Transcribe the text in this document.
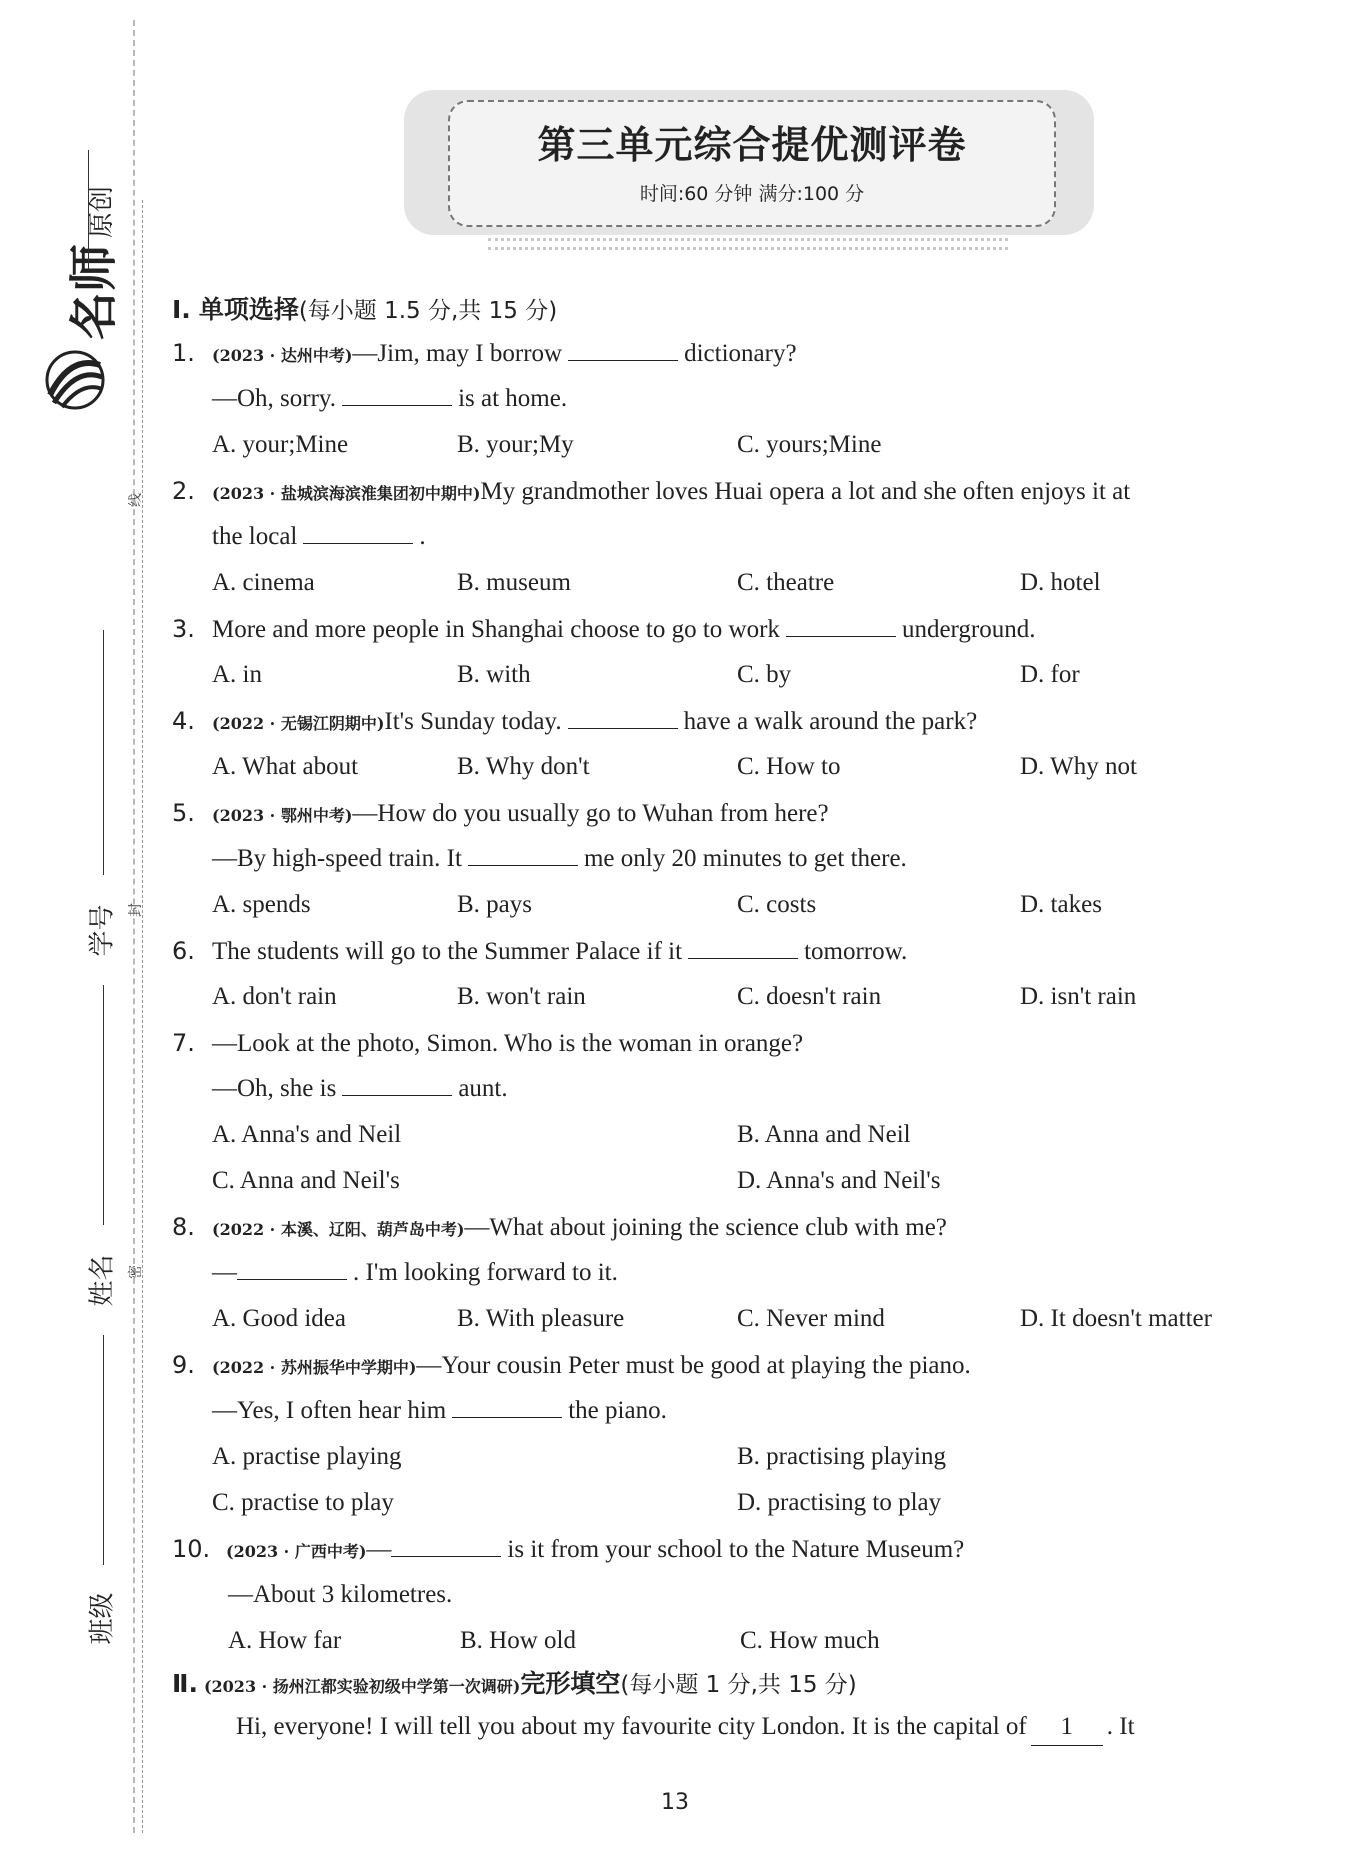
名师原创
线
封
密
学号
姓名
班级
第三单元综合提优测评卷
时间:60 分钟 满分:100 分
Ⅰ. 单项选择(每小题 1.5 分,共 15 分)
1. (2023 · 达州中考)—Jim, may I borrow	dictionary?
—Oh, sorry.	is at home.
A. your;Mine	B. your;My	C. yours;Mine
2. (2023 · 盐城滨海滨淮集团初中期中)My grandmother loves Huai opera a lot and she often enjoys it at
the local	.
A. cinema	B. museum	C. theatre	D. hotel
3. More and more people in Shanghai choose to go to work	underground.
A. in	B. with	C. by	D. for
4. (2022 · 无锡江阴期中)It's Sunday today.	have a walk around the park?
A. What about	B. Why don't	C. How to	D. Why not
5. (2023 · 鄂州中考)—How do you usually go to Wuhan from here?
—By high-speed train. It	me only 20 minutes to get there.
A. spends	B. pays	C. costs	D. takes
6. The students will go to the Summer Palace if it	tomorrow.
A. don't rain	B. won't rain	C. doesn't rain	D. isn't rain
7. —Look at the photo, Simon. Who is the woman in orange?
—Oh, she is	aunt.
A. Anna's and Neil	B. Anna and Neil
C. Anna and Neil's	D. Anna's and Neil's
8. (2022 · 本溪、辽阳、葫芦岛中考)—What about joining the science club with me?
—	. I'm looking forward to it.
A. Good idea	B. With pleasure	C. Never mind	D. It doesn't matter
9. (2022 · 苏州振华中学期中)—Your cousin Peter must be good at playing the piano.
—Yes, I often hear him	the piano.
A. practise playing	B. practising playing
C. practise to play	D. practising to play
10. (2023 · 广西中考)—	is it from your school to the Nature Museum?
—About 3 kilometres.
A. How far	B. How old	C. How much
Ⅱ. (2023 · 扬州江都实验初级中学第一次调研)完形填空(每小题 1 分,共 15 分)
Hi, everyone! I will tell you about my favourite city London. It is the capital of 1 . It
13
